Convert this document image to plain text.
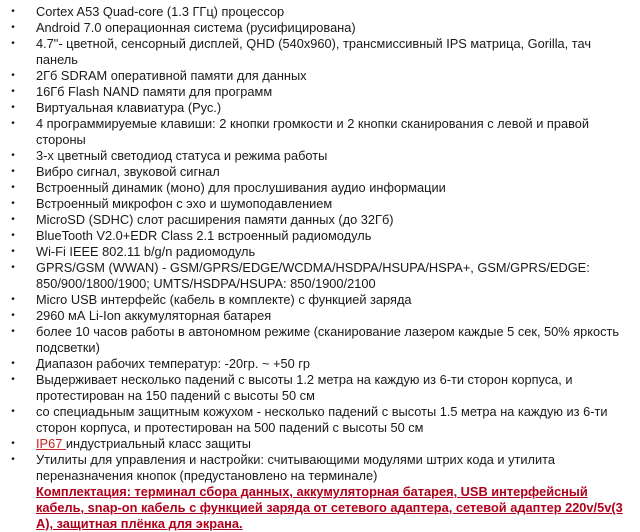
• Cortex A53 Quad-core (1.3 ГГц) процессор
• Android 7.0 операционная система (русифицирована)
• 4.7"- цветной, сенсорный дисплей, QHD (540x960), трансмиссивный IPS матрица, Gorilla, тач панель
• 2Гб SDRAM оперативной памяти для данных
• 16Гб Flash NAND памяти для программ
• Виртуальная клавиатура (Рус.)
• 4 программируемые клавиши: 2 кнопки громкости и 2 кнопки сканирования с левой и правой стороны
• 3-х цветный светодиод статуса и режима работы
• Вибро сигнал, звуковой сигнал
• Встроенный динамик (моно) для прослушивания аудио информации
• Встроенный микрофон с эхо и шумоподавлением
• MicroSD (SDHC) слот расширения памяти данных (до 32Гб)
• BlueTooth V2.0+EDR Class 2.1 встроенный радиомодуль
• Wi-Fi IEEE 802.11 b/g/n радиомодуль
• GPRS/GSM (WWAN) - GSM/GPRS/EDGE/WCDMA/HSDPA/HSUPA/HSPA+, GSM/GPRS/EDGE: 850/900/1800/1900; UMTS/HSDPA/HSUPA: 850/1900/2100
• Micro USB интерфейс (кабель в комплекте) с функцией заряда
• 2960 мА Li-Ion аккумуляторная батарея
• более 10 часов работы в автономном режиме (сканирование лазером каждые 5 сек, 50% яркость подсветки)
• Диапазон рабочих температур: -20гр. ~ +50 гр
• Выдерживает несколько падений с высоты 1.2 метра на каждую из 6-ти сторон корпуса, и протестирован на 150 падений с высоты 50 см
• со специадьным защитным кожухом - несколько падений с высоты 1.5 метра на каждую из 6-ти сторон корпуса, и протестирован на 500 падений с высоты 50 см
• IP67 индустриальный класс защиты
• Утилиты для управления и настройки: считывающими модулями штрих кода и утилита переназначения кнопок (предустановлено на терминале)

Комплектация: терминал сбора данных, аккумуляторная батарея, USB интерфейсный кабель, snap-on кабель с функцией заряда от сетевого адаптера, сетевой адаптер 220v/5v(3 A), защитная плёнка для экрана.
